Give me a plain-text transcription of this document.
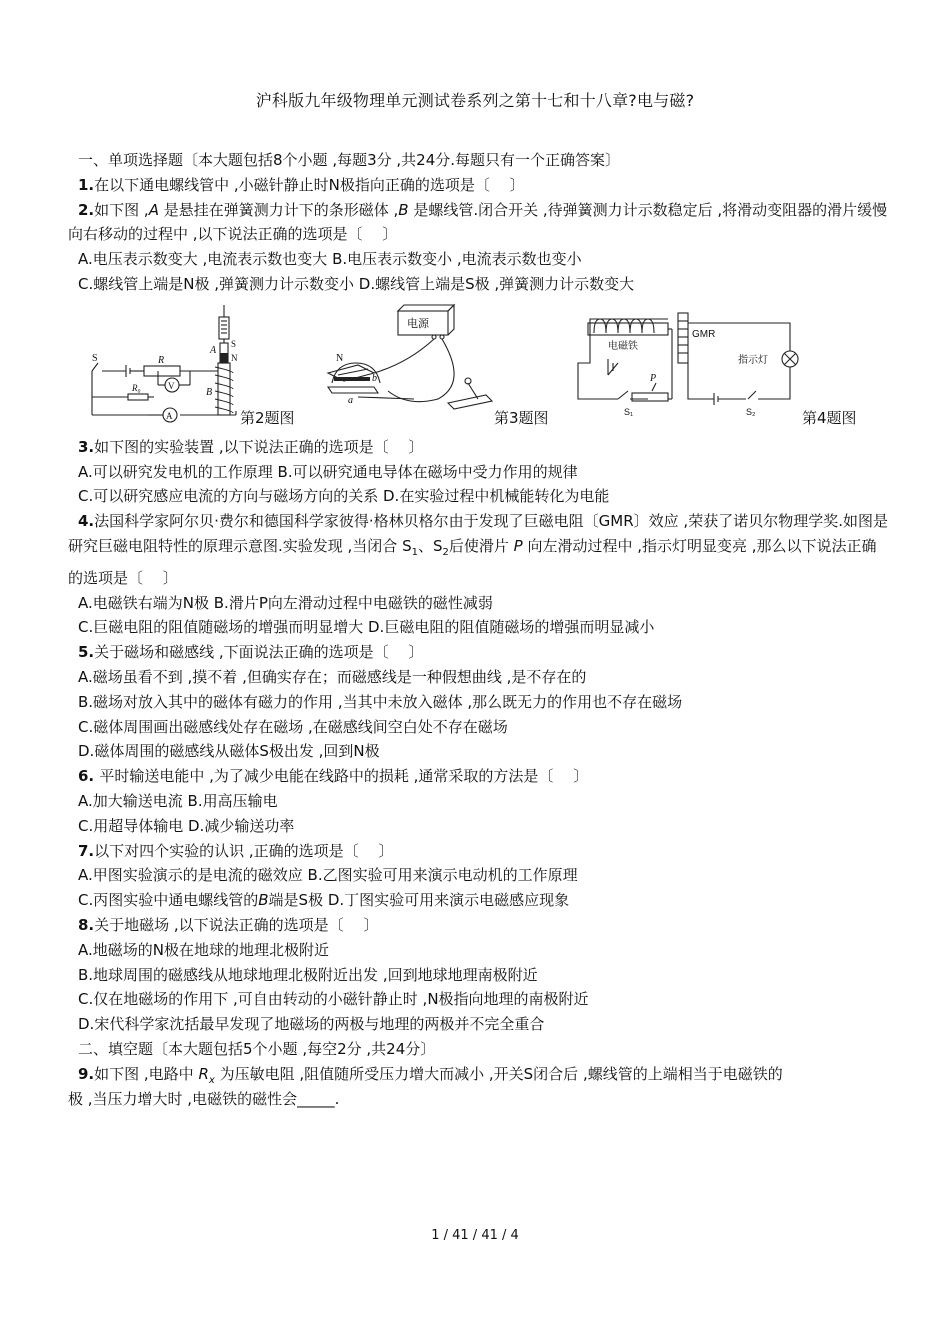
沪科版九年级物理单元测试卷系列之第十七和十八章?电与磁?
一、单项选择题〔本大题包括8个小题 ,每题3分 ,共24分.每题只有一个正确答案〕
1.在以下通电螺线管中 ,小磁针静止时N极指向正确的选项是〔　 〕
2.如下图 ,A 是悬挂在弹簧测力计下的条形磁体 ,B 是螺线管.闭合开关 ,待弹簧测力计示数稳定后 ,将滑动变阻器的滑片缓慢向右移动的过程中 ,以下说法正确的选项是〔　 〕
A.电压表示数变大 ,电流表示数也变大 B.电压表示数变小 ,电流表示数也变小
C.螺线管上端是N极 ,弹簧测力计示数变小 D.螺线管上端是S极 ,弹簧测力计示数变大
S	R
V
A
R₀
A
S
N
B
第2题图
电源
N
a
b
第3题图
GMR
电磁铁
P
S₁	S₂
指示灯
第4题图
3.如下图的实验装置 ,以下说法正确的选项是〔　 〕
A.可以研究发电机的工作原理 B.可以研究通电导体在磁场中受力作用的规律
C.可以研究感应电流的方向与磁场方向的关系 D.在实验过程中机械能转化为电能
4.法国科学家阿尔贝·费尔和德国科学家彼得·格林贝格尔由于发现了巨磁电阻〔GMR〕效应 ,荣获了诺贝尔物理学奖.如图是研究巨磁电阻特性的原理示意图.实验发现 ,当闭合 $S_1$、$S_2$后使滑片 P 向左滑动过程中 ,指示灯明显变亮 ,那么以下说法正确的选项是〔　 〕
A.电磁铁右端为N极 B.滑片P向左滑动过程中电磁铁的磁性减弱
C.巨磁电阻的阻值随磁场的增强而明显增大 D.巨磁电阻的阻值随磁场的增强而明显减小
5.关于磁场和磁感线 ,下面说法正确的选项是〔　 〕
A.磁场虽看不到 ,摸不着 ,但确实存在；而磁感线是一种假想曲线 ,是不存在的
B.磁场对放入其中的磁体有磁力的作用 ,当其中未放入磁体 ,那么既无力的作用也不存在磁场
C.磁体周围画出磁感线处存在磁场 ,在磁感线间空白处不存在磁场
D.磁体周围的磁感线从磁体S极出发 ,回到N极
6. 平时输送电能中 ,为了减少电能在线路中的损耗 ,通常采取的方法是〔　 〕
A.加大输送电流 B.用高压输电
C.用超导体输电 D.减少输送功率
7.以下对四个实验的认识 ,正确的选项是〔　 〕
A.甲图实验演示的是电流的磁效应 B.乙图实验可用来演示电动机的工作原理
C.丙图实验中通电螺线管的B端是S极 D.丁图实验可用来演示电磁感应现象
8.关于地磁场 ,以下说法正确的选项是〔　 〕
A.地磁场的N极在地球的地理北极附近
B.地球周围的磁感线从地球地理北极附近出发 ,回到地球地理南极附近
C.仅在地磁场的作用下 ,可自由转动的小磁针静止时 ,N极指向地理的南极附近
D.宋代科学家沈括最早发现了地磁场的两极与地理的两极并不完全重合
二、填空题〔本大题包括5个小题 ,每空2分 ,共24分〕
9.如下图 ,电路中 $R_x$ 为压敏电阻 ,阻值随所受压力增大而减小 ,开关S闭合后 ,螺线管的上端相当于电磁铁的
极 ,当压力增大时 ,电磁铁的磁性会_____.
1 / 41 / 41 / 4
